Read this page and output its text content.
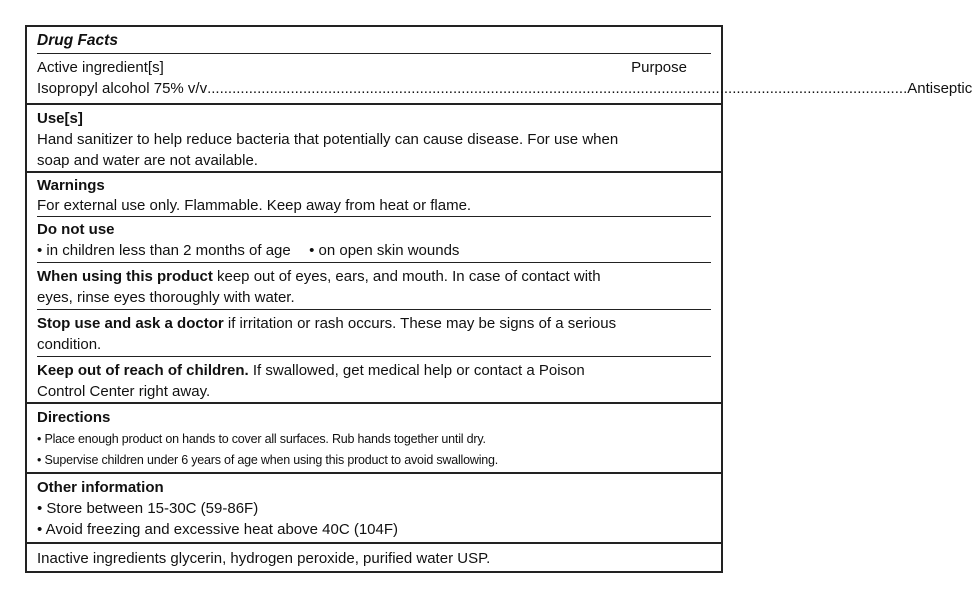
Drug Facts
Active ingredient[s]	Purpose
Isopropyl alcohol 75% v/v ........................................................................................................................................................................ Antiseptic
Use[s]
Hand sanitizer to help reduce bacteria that potentially can cause disease. For use when
soap and water are not available.
Warnings
For external use only. Flammable. Keep away from heat or flame.
Do not use
• in children less than 2 months of age • on open skin wounds
When using this product keep out of eyes, ears, and mouth. In case of contact with
eyes, rinse eyes thoroughly with water.
Stop use and ask a doctor if irritation or rash occurs. These may be signs of a serious
condition.
Keep out of reach of children. If swallowed, get medical help or contact a Poison
Control Center right away.
Directions
• Place enough product on hands to cover all surfaces. Rub hands together until dry.
• Supervise children under 6 years of age when using this product to avoid swallowing.
Other information
• Store between 15-30C (59-86F)
• Avoid freezing and excessive heat above 40C (104F)
Inactive ingredients glycerin, hydrogen peroxide, purified water USP.
